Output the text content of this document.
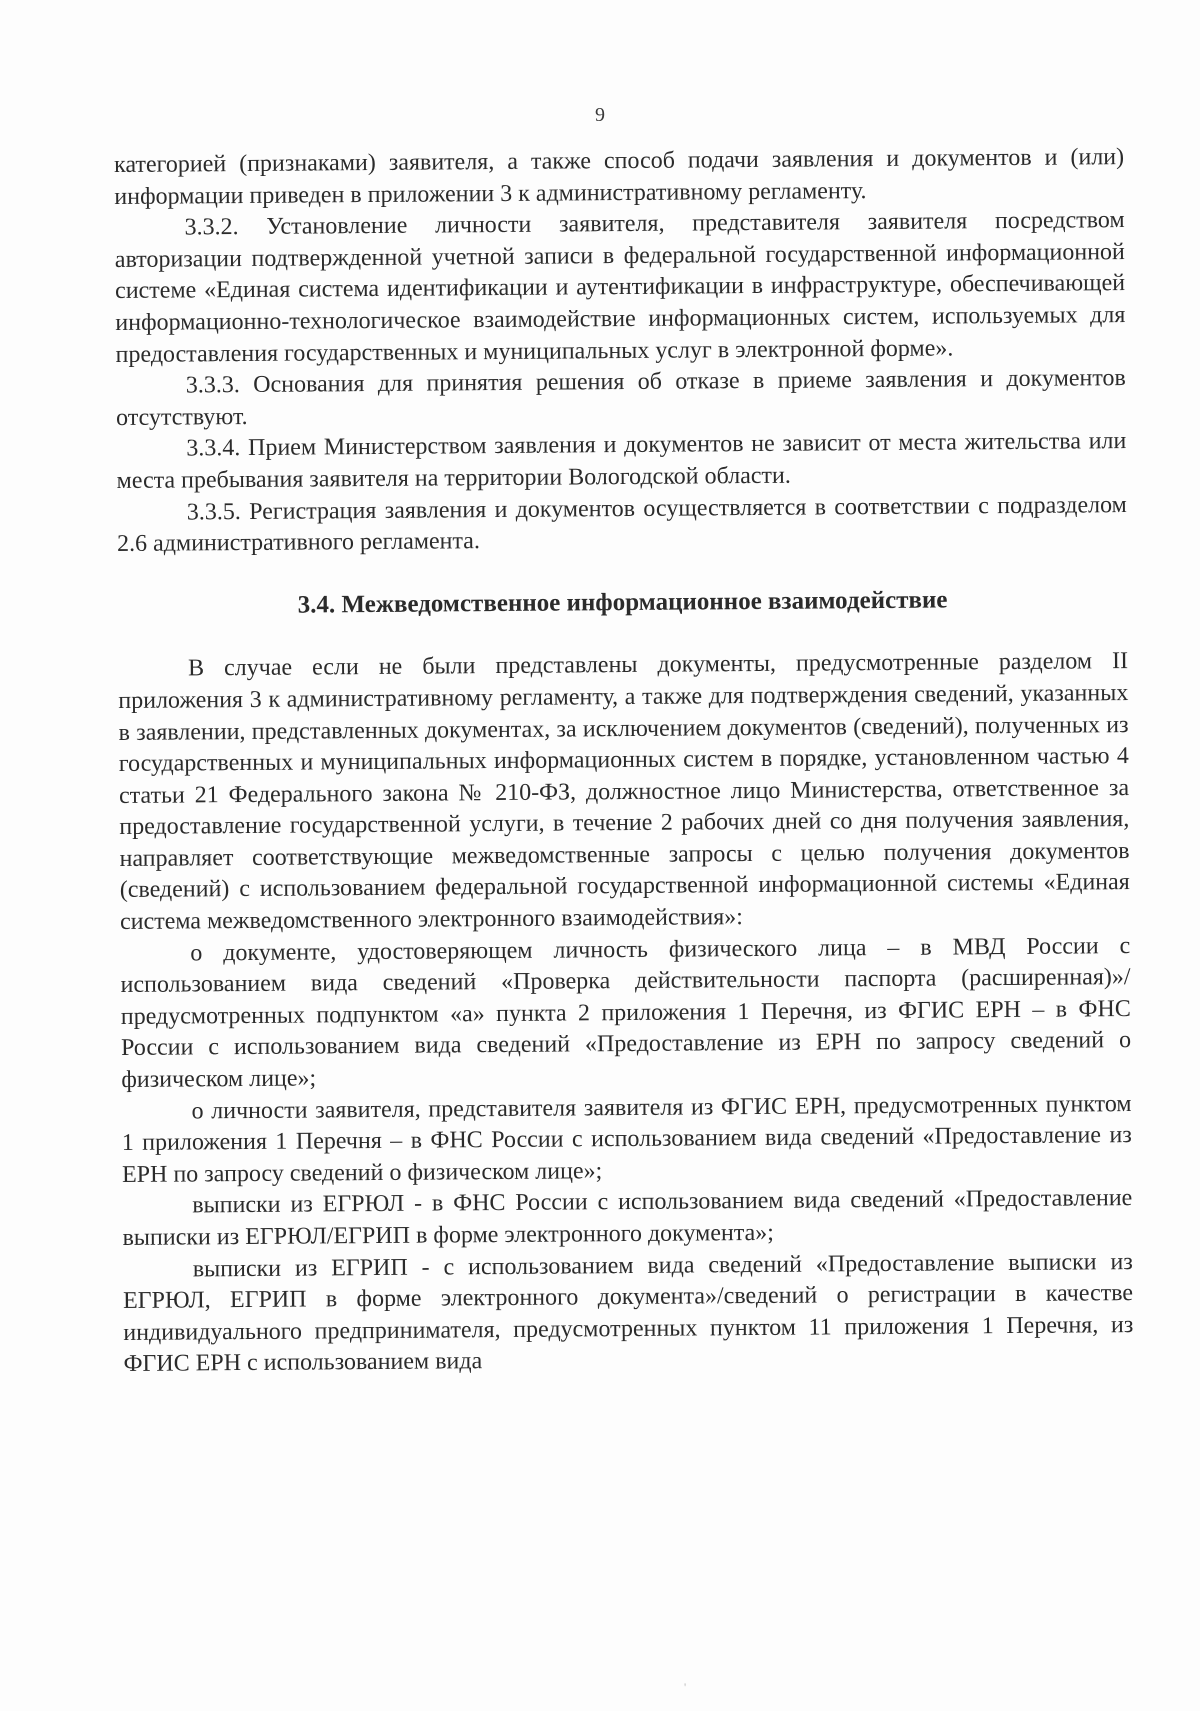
9

категорией (признаками) заявителя, а также способ подачи заявления и документов и (или) информации приведен в приложении 3 к административному регламенту.

3.3.2. Установление личности заявителя, представителя заявителя посредством авторизации подтвержденной учетной записи в федеральной государственной информационной системе «Единая система идентификации и аутентификации в инфраструктуре, обеспечивающей информационно-технологическое взаимодействие информационных систем, используемых для предоставления государственных и муниципальных услуг в электронной форме».

3.3.3. Основания для принятия решения об отказе в приеме заявления и документов отсутствуют.

3.3.4. Прием Министерством заявления и документов не зависит от места жительства или места пребывания заявителя на территории Вологодской области.

3.3.5. Регистрация заявления и документов осуществляется в соответствии с подразделом 2.6 административного регламента.

3.4. Межведомственное информационное взаимодействие

В случае если не были представлены документы, предусмотренные разделом II приложения 3 к административному регламенту, а также для подтверждения сведений, указанных в заявлении, представленных документах, за исключением документов (сведений), полученных из государственных и муниципальных информационных систем в порядке, установленном частью 4 статьи 21 Федерального закона № 210-ФЗ, должностное лицо Министерства, ответственное за предоставление государственной услуги, в течение 2 рабочих дней со дня получения заявления, направляет соответствующие межведомственные запросы с целью получения документов (сведений) с использованием федеральной государственной информационной системы «Единая система межведомственного электронного взаимодействия»:

о документе, удостоверяющем личность физического лица – в МВД России с использованием вида сведений «Проверка действительности паспорта (расширенная)»/предусмотренных подпунктом «а» пункта 2 приложения 1 Перечня, из ФГИС ЕРН – в ФНС России с использованием вида сведений «Предоставление из ЕРН по запросу сведений о физическом лице»;

о личности заявителя, представителя заявителя из ФГИС ЕРН, предусмотренных пунктом 1 приложения 1 Перечня – в ФНС России с использованием вида сведений «Предоставление из ЕРН по запросу сведений о физическом лице»;

выписки из ЕГРЮЛ - в ФНС России с использованием вида сведений «Предоставление выписки из ЕГРЮЛ/ЕГРИП в форме электронного документа»;

выписки из ЕГРИП - с использованием вида сведений «Предоставление выписки из ЕГРЮЛ, ЕГРИП в форме электронного документа»/сведений о регистрации в качестве индивидуального предпринимателя, предусмотренных пунктом 11 приложения 1 Перечня, из ФГИС ЕРН с использованием вида

'
